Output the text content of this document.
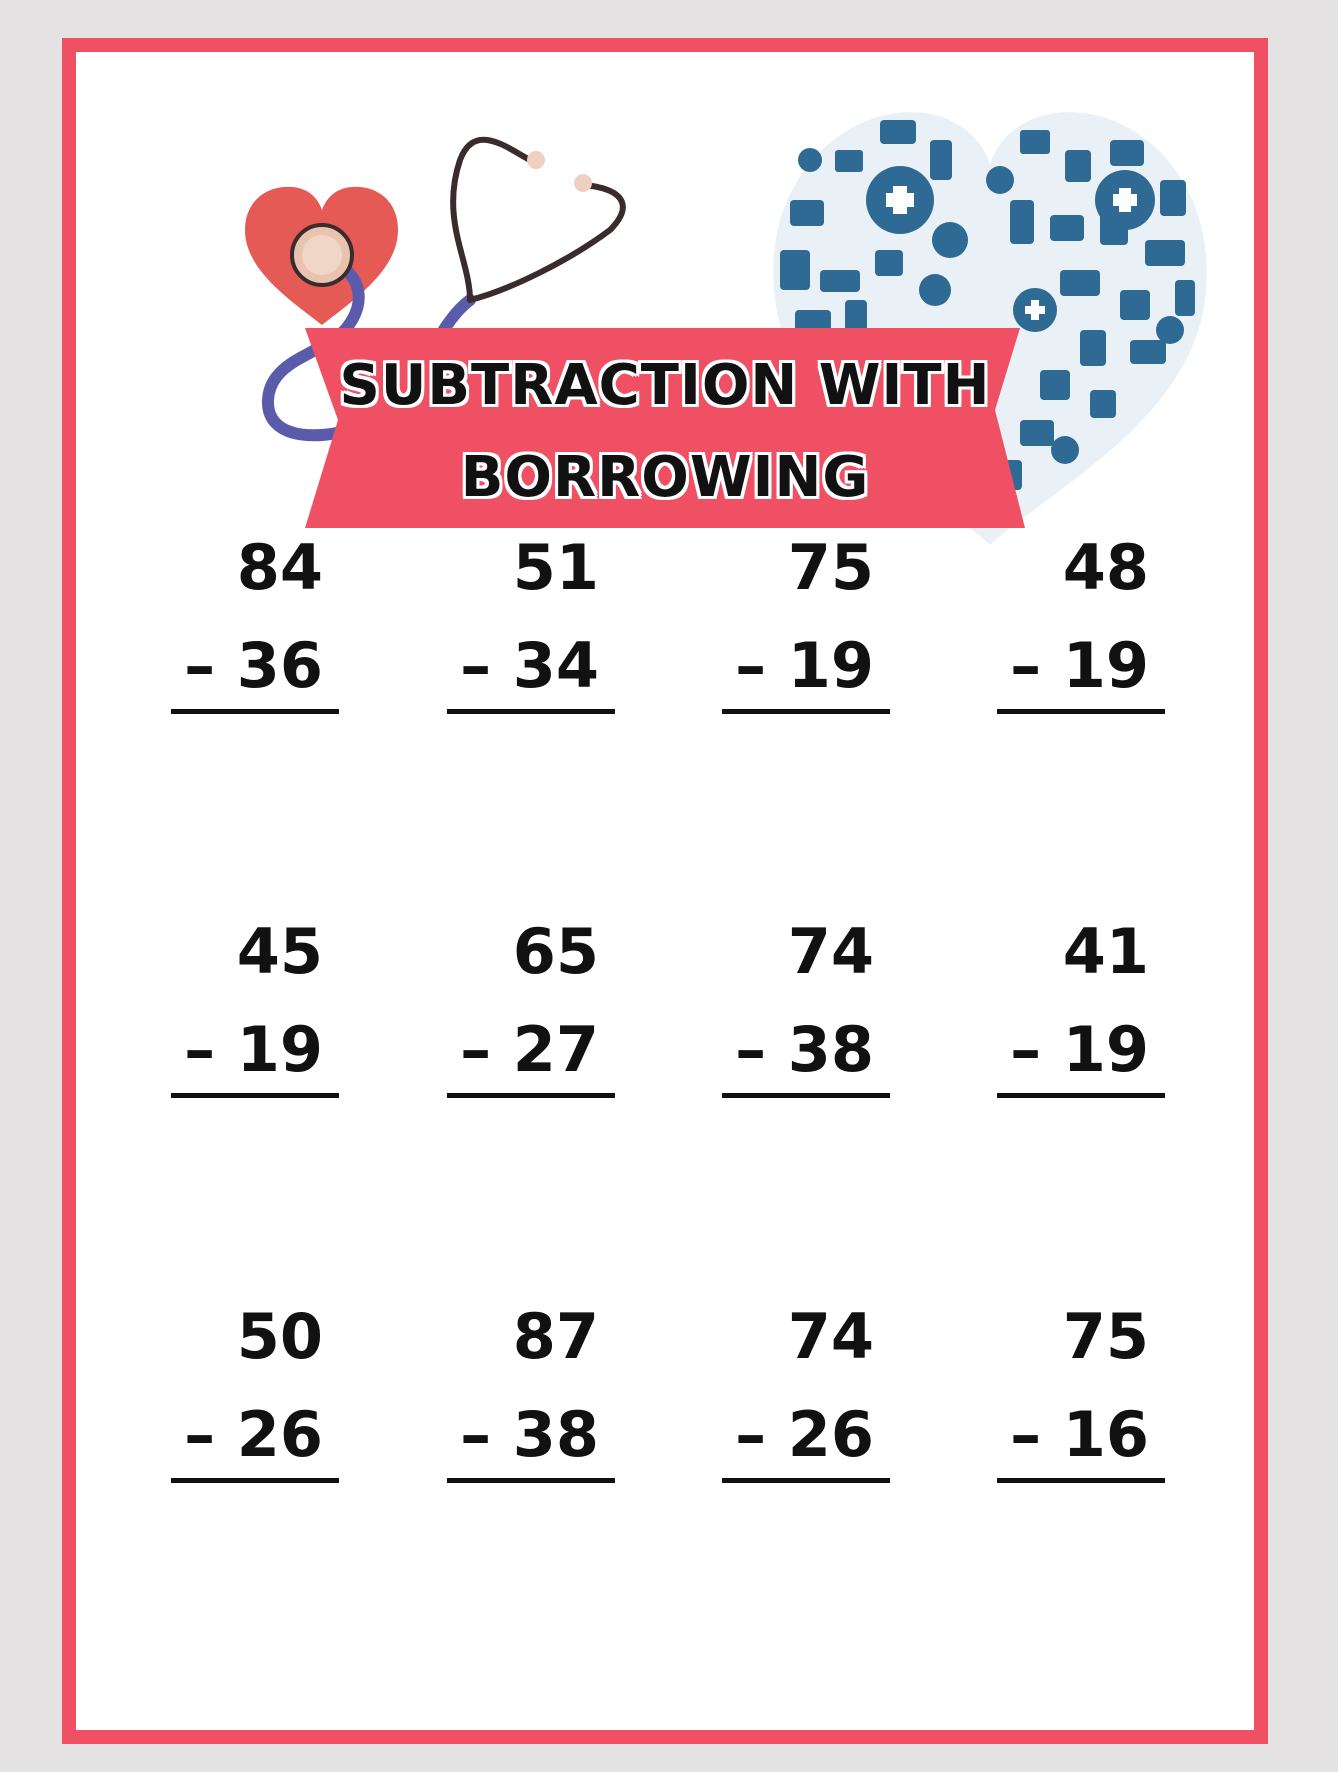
SUBTRACTION WITH
BORROWING
84
– 36
51
– 34
75
– 19
48
– 19
45
– 19
65
– 27
74
– 38
41
– 19
50
– 26
87
– 38
74
– 26
75
– 16
